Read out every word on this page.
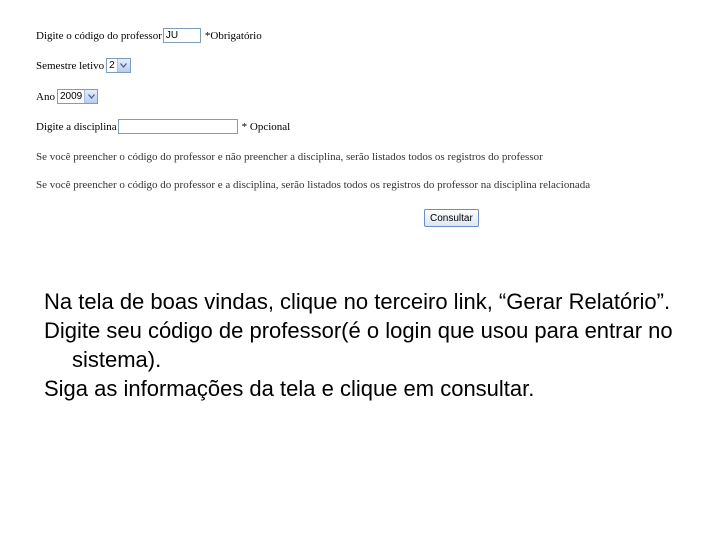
Digite o código do professor
JU	*Obrigatório
Semestre letivo 2
Ano 2009
Digite a disciplina	* Opcional
Se você preencher o código do professor e não preencher a disciplina, serão listados todos os registros do professor
Se você preencher o código do professor e a disciplina, serão listados todos os registros do professor na disciplina relacionada
Consultar

Na tela de boas vindas, clique no terceiro link, “Gerar Relatório”.

Digite seu código de professor(é o login que usou para entrar no sistema).

Siga as informações da tela e clique em consultar.
